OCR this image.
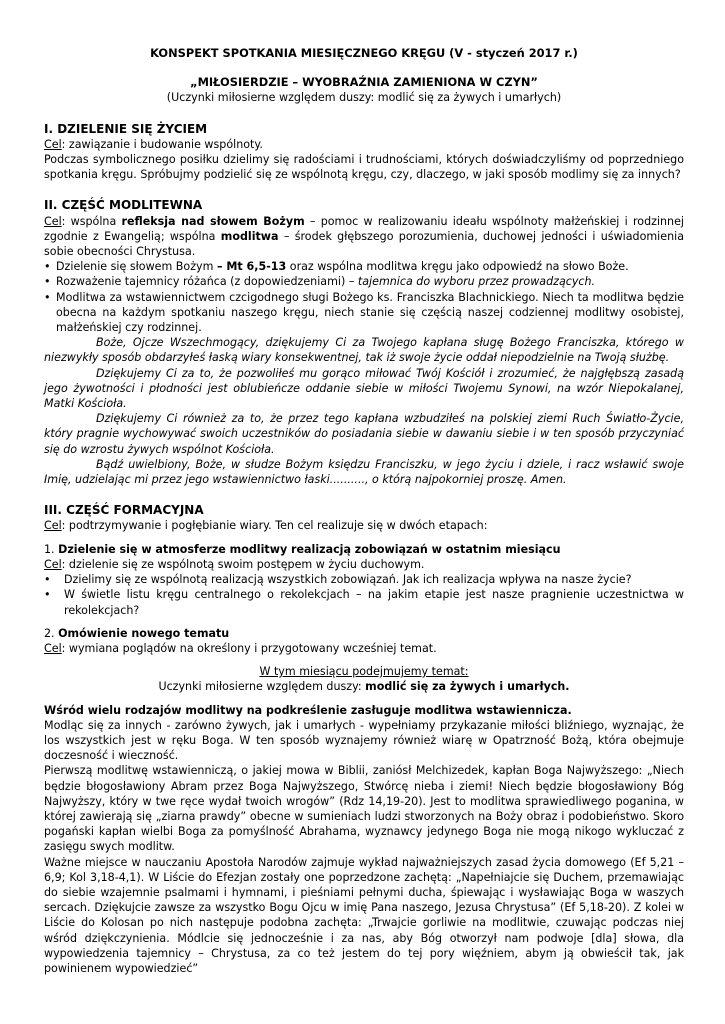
KONSPEKT SPOTKANIA MIESIĘCZNEGO KRĘGU (V - styczeń 2017 r.)

„MIŁOSIERDZIE – WYOBRAŹNIA ZAMIENIONA W CZYN”

(Uczynki miłosierne względem duszy: modlić się za żywych i umarłych)

I. DZIELENIE SIĘ ŻYCIEM

Cel: zawiązanie i budowanie wspólnoty.

Podczas symbolicznego posiłku dzielimy się radościami i trudnościami, których doświadczyliśmy od poprzedniego spotkania kręgu. Spróbujmy podzielić się ze wspólnotą kręgu, czy, dlaczego, w jaki sposób modlimy się za innych?

II. CZĘŚĆ MODLITEWNA

Cel: wspólna refleksja nad słowem Bożym – pomoc w realizowaniu ideału wspólnoty małżeńskiej i rodzinnej zgodnie z Ewangelią; wspólna modlitwa – środek głębszego porozumienia, duchowej jedności i uświadomienia sobie obecności Chrystusa.

• Dzielenie się słowem Bożym – Mt 6,5-13 oraz wspólna modlitwa kręgu jako odpowiedź na słowo Boże.
• Rozważenie tajemnicy różańca (z dopowiedzeniami) – tajemnica do wyboru przez prowadzących.
• Modlitwa za wstawiennictwem czcigodnego sługi Bożego ks. Franciszka Blachnickiego. Niech ta modlitwa będzie obecna na każdym spotkaniu naszego kręgu, niech stanie się częścią naszej codziennej modlitwy osobistej, małżeńskiej czy rodzinnej.

Boże, Ojcze Wszechmogący, dziękujemy Ci za Twojego kapłana sługę Bożego Franciszka, którego w niezwykły sposób obdarzyłeś łaską wiary konsekwentnej, tak iż swoje życie oddał niepodzielnie na Twoją służbę.

Dziękujemy Ci za to, że pozwoliłeś mu gorąco miłować Twój Kościół i zrozumieć, że najgłębszą zasadą jego żywotności i płodności jest oblubieńcze oddanie siebie w miłości Twojemu Synowi, na wzór Niepokalanej, Matki Kościoła.

Dziękujemy Ci również za to, że przez tego kapłana wzbudziłeś na polskiej ziemi Ruch Światło-Życie, który pragnie wychowywać swoich uczestników do posiadania siebie w dawaniu siebie i w ten sposób przyczyniać się do wzrostu żywych wspólnot Kościoła.

Bądź uwielbiony, Boże, w słudze Bożym księdzu Franciszku, w jego życiu i dziele, i racz wsławić swoje Imię, udzielając mi przez jego wstawiennictwo łaski.........., o którą najpokorniej proszę. Amen.

III. CZĘŚĆ FORMACYJNA

Cel: podtrzymywanie i pogłębianie wiary. Ten cel realizuje się w dwóch etapach:

1. Dzielenie się w atmosferze modlitwy realizacją zobowiązań w ostatnim miesiącu

Cel: dzielenie się ze wspólnotą swoim postępem w życiu duchowym.

•	Dzielimy się ze wspólnotą realizacją wszystkich zobowiązań. Jak ich realizacja wpływa na nasze życie?
•	W świetle listu kręgu centralnego o rekolekcjach – na jakim etapie jest nasze pragnienie uczestnictwa w rekolekcjach?

2. Omówienie nowego tematu

Cel: wymiana poglądów na określony i przygotowany wcześniej temat.

W tym miesiącu podejmujemy temat:

Uczynki miłosierne względem duszy: modlić się za żywych i umarłych.

Wśród wielu rodzajów modlitwy na podkreślenie zasługuje modlitwa wstawiennicza.

Modląc się za innych - zarówno żywych, jak i umarłych - wypełniamy przykazanie miłości bliźniego, wyznając, że los wszystkich jest w ręku Boga. W ten sposób wyznajemy również wiarę w Opatrzność Bożą, która obejmuje doczesność i wieczność.

Pierwszą modlitwę wstawienniczą, o jakiej mowa w Biblii, zaniósł Melchizedek, kapłan Boga Najwyższego: „Niech będzie błogosławiony Abram przez Boga Najwyższego, Stwórcę nieba i ziemi! Niech będzie błogosławiony Bóg Najwyższy, który w twe ręce wydał twoich wrogów” (Rdz 14,19-20). Jest to modlitwa sprawiedliwego poganina, w której zawierają się „ziarna prawdy” obecne w sumieniach ludzi stworzonych na Boży obraz i podobieństwo. Skoro pogański kapłan wielbi Boga za pomyślność Abrahama, wyznawcy jedynego Boga nie mogą nikogo wykluczać z zasięgu swych modlitw.

Ważne miejsce w nauczaniu Apostoła Narodów zajmuje wykład najważniejszych zasad życia domowego (Ef 5,21 – 6,9; Kol 3,18-4,1). W Liście do Efezjan zostały one poprzedzone zachętą: „Napełniajcie się Duchem, przemawiając do siebie wzajemnie psalmami i hymnami, i pieśniami pełnymi ducha, śpiewając i wysławiając Boga w waszych sercach. Dziękujcie zawsze za wszystko Bogu Ojcu w imię Pana naszego, Jezusa Chrystusa” (Ef 5,18-20). Z kolei w Liście do Kolosan po nich następuje podobna zachęta: „Trwajcie gorliwie na modlitwie, czuwając podczas niej wśród dziękczynienia. Módlcie się jednocześnie i za nas, aby Bóg otworzył nam podwoje [dla] słowa, dla wypowiedzenia tajemnicy – Chrystusa, za co też jestem do tej pory więźniem, abym ją obwieścił tak, jak powinienem wypowiedzieć”
